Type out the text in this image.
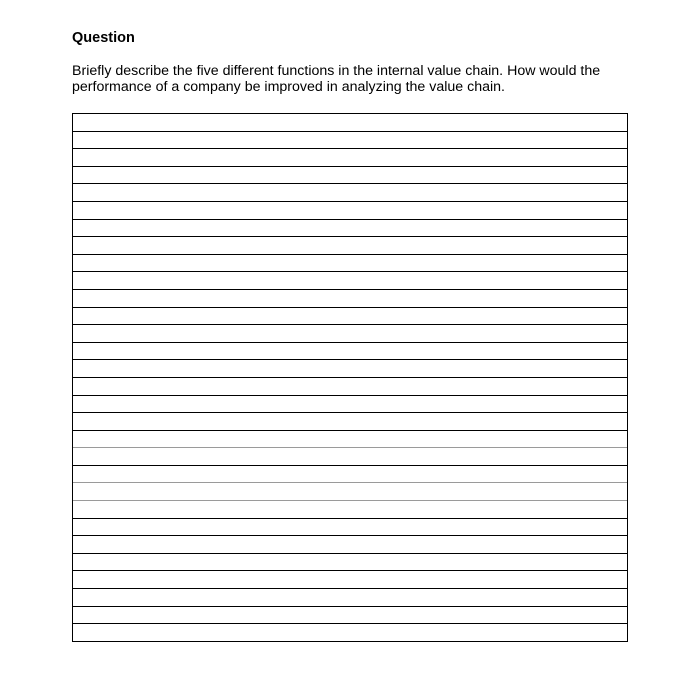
Question

Briefly describe the five different functions in the internal value chain. How would the performance of a company be improved in analyzing the value chain.
